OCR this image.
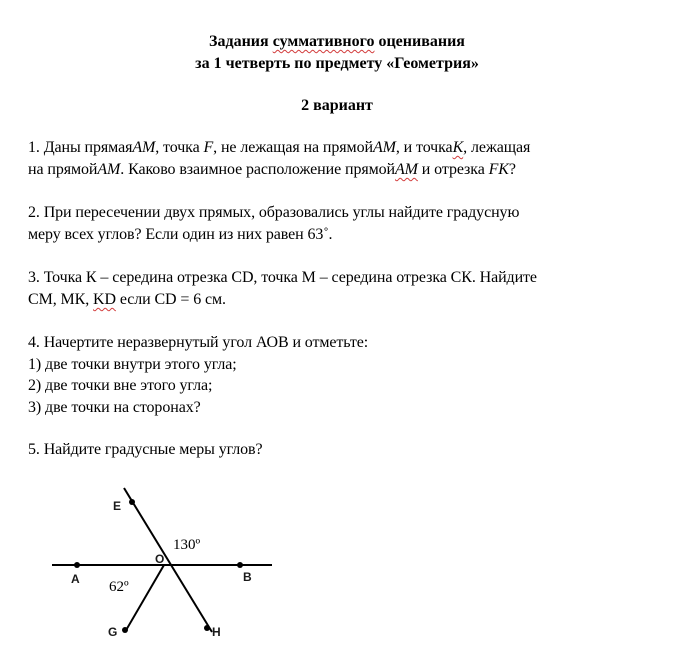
Задания суммативного оценивания
за 1 четверть по предмету «Геометрия»
2 вариант
1. Даны прямаяAM, точка F, не лежащая на прямойAM, и точкаK, лежащая
на прямойAM. Каково взаимное расположение прямойAM и отрезка FK?
2. При пересечении двух прямых, образовались углы найдите градусную
меру всех углов? Если один из них равен 63˚.
3. Точка К – середина отрезка CD, точка М – середина отрезка СК. Найдите
СМ, МК, KD если CD = 6 см.
4. Начертите неразвернутый угол АОВ и отметьте:
1) две точки внутри этого угла;
2) две точки вне этого угла;
3) две точки на сторонах?
5. Найдите градусные меры углов?
E
O
A	B
G	H
130º
62º
